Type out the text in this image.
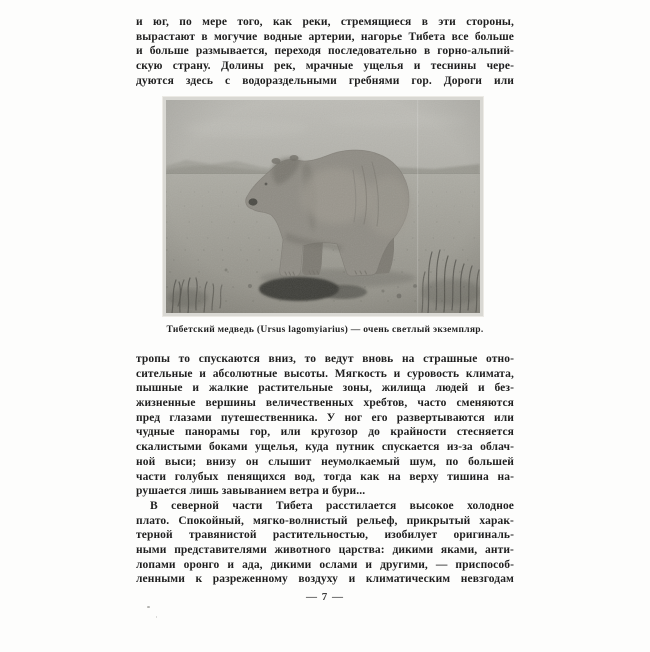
и юг, по мере того, как реки, стремящиеся в эти стороны,
вырастают в могучие водные артерии, нагорье Тибета все больше
и больше размывается, переходя последовательно в горно-альпий-
скую страну. Долины рек, мрачные ущелья и теснины чере-
дуются здесь с водораздельными гребнями гор. Дороги или
Тибетский медведь (Ursus lagomyiarius) — очень светлый экземпляр.
тропы то спускаются вниз, то ведут вновь на страшные отно-
сительные и абсолютные высоты. Мягкость и суровость климата,
пышные и жалкие растительные зоны, жилища людей и без-
жизненные вершины величественных хребтов, часто сменяются
пред глазами путешественника. У ног его развертываются или
чудные панорамы гор, или кругозор до крайности стесняется
скалистыми боками ущелья, куда путник спускается из-за облач-
ной выси; внизу он слышит неумолкаемый шум, по большей
части голубых пенящихся вод, тогда как на верху тишина на-
рушается лишь завыванием ветра и бури...
В северной части Тибета расстилается высокое холодное
плато. Спокойный, мягко-волнистый рельеф, прикрытый харак-
терной травянистой растительностью, изобилует оригиналь-
ными представителями животного царства: дикими яками, анти-
лопами оронго и ада, дикими ослами и другими, — приспособ-
ленными к разреженному воздуху и климатическим невзгодам
— 7 —
